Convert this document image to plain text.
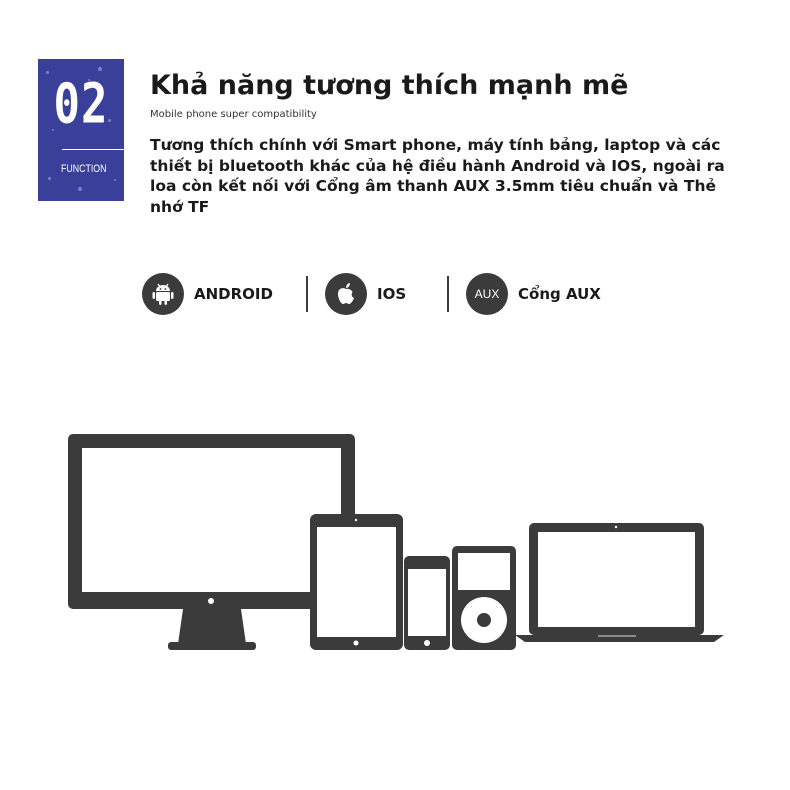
02
FUNCTION
Khả năng tương thích mạnh mẽ
Mobile phone super compatibility
Tương thích chính với Smart phone, máy tính bảng, laptop và các thiết bị bluetooth khác của hệ điều hành Android và IOS, ngoài ra loa còn kết nối với Cổng âm thanh AUX 3.5mm tiêu chuẩn và Thẻ nhớ TF
ANDROID	IOS	AUX Cổng AUX
